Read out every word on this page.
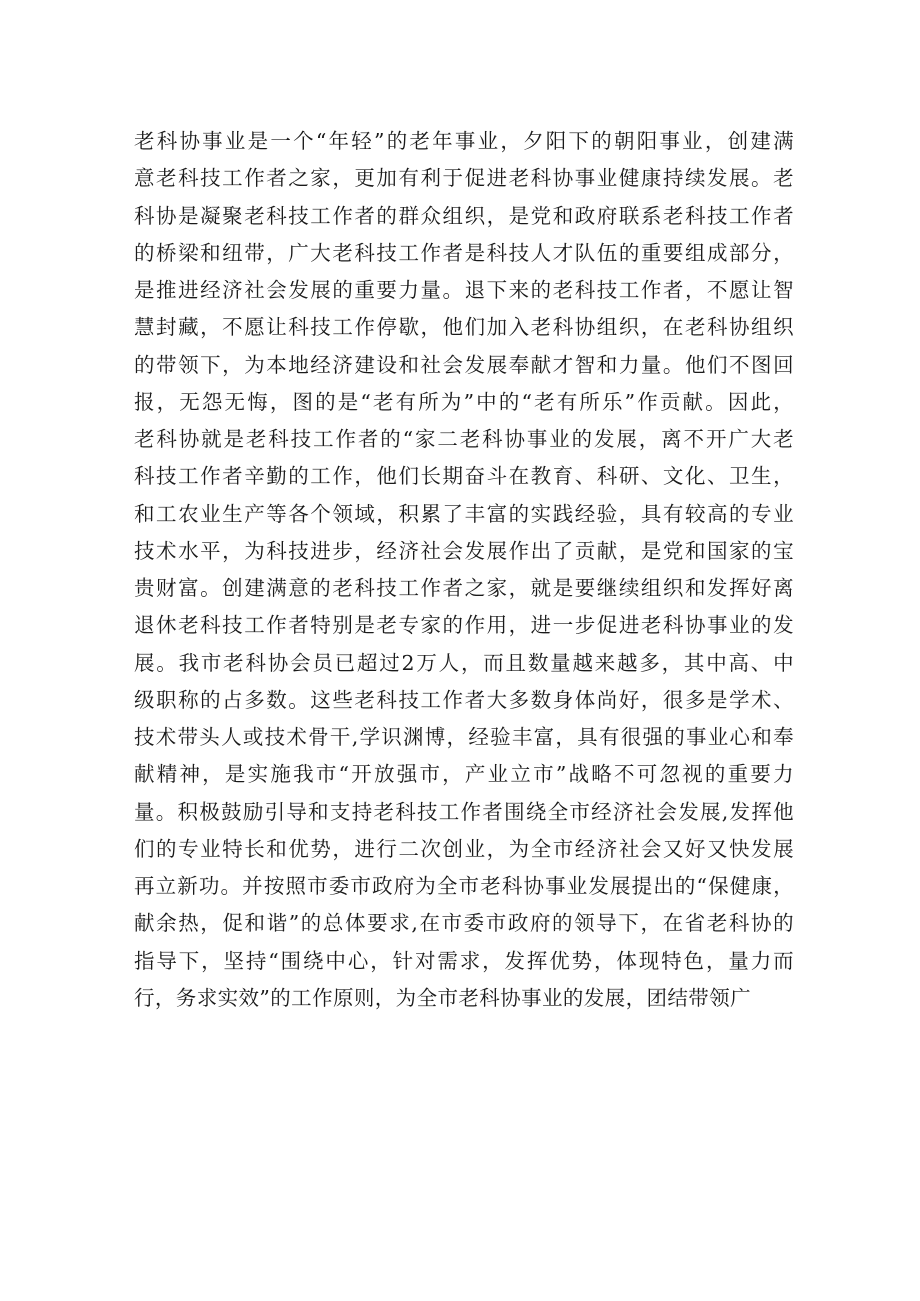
老科协事业是一个“年轻”的老年事业，夕阳下的朝阳事业，创建满
意老科技工作者之家，更加有利于促进老科协事业健康持续发展。老
科协是凝聚老科技工作者的群众组织，是党和政府联系老科技工作者
的桥梁和纽带，广大老科技工作者是科技人才队伍的重要组成部分，
是推进经济社会发展的重要力量。退下来的老科技工作者，不愿让智
慧封藏，不愿让科技工作停歇，他们加入老科协组织，在老科协组织
的带领下，为本地经济建设和社会发展奉献才智和力量。他们不图回
报，无怨无悔，图的是“老有所为”中的“老有所乐”作贡献。因此，
老科协就是老科技工作者的“家二老科协事业的发展，离不开广大老
科技工作者辛勤的工作，他们长期奋斗在教育、科研、文化、卫生，
和工农业生产等各个领域，积累了丰富的实践经验，具有较高的专业
技术水平，为科技进步，经济社会发展作出了贡献，是党和国家的宝
贵财富。创建满意的老科技工作者之家，就是要继续组织和发挥好离
退休老科技工作者特别是老专家的作用，进一步促进老科协事业的发
展。我市老科协会员已超过2万人，而且数量越来越多，其中高、中
级职称的占多数。这些老科技工作者大多数身体尚好，很多是学术、
技术带头人或技术骨干,学识渊博，经验丰富，具有很强的事业心和奉
献精神，是实施我市“开放强市，产业立市”战略不可忽视的重要力
量。积极鼓励引导和支持老科技工作者围绕全市经济社会发展,发挥他
们的专业特长和优势，进行二次创业，为全市经济社会又好又快发展
再立新功。并按照市委市政府为全市老科协事业发展提出的“保健康，
献余热，促和谐”的总体要求,在市委市政府的领导下，在省老科协的
指导下，坚持“围绕中心，针对需求，发挥优势，体现特色，量力而
行，务求实效”的工作原则，为全市老科协事业的发展，团结带领广
